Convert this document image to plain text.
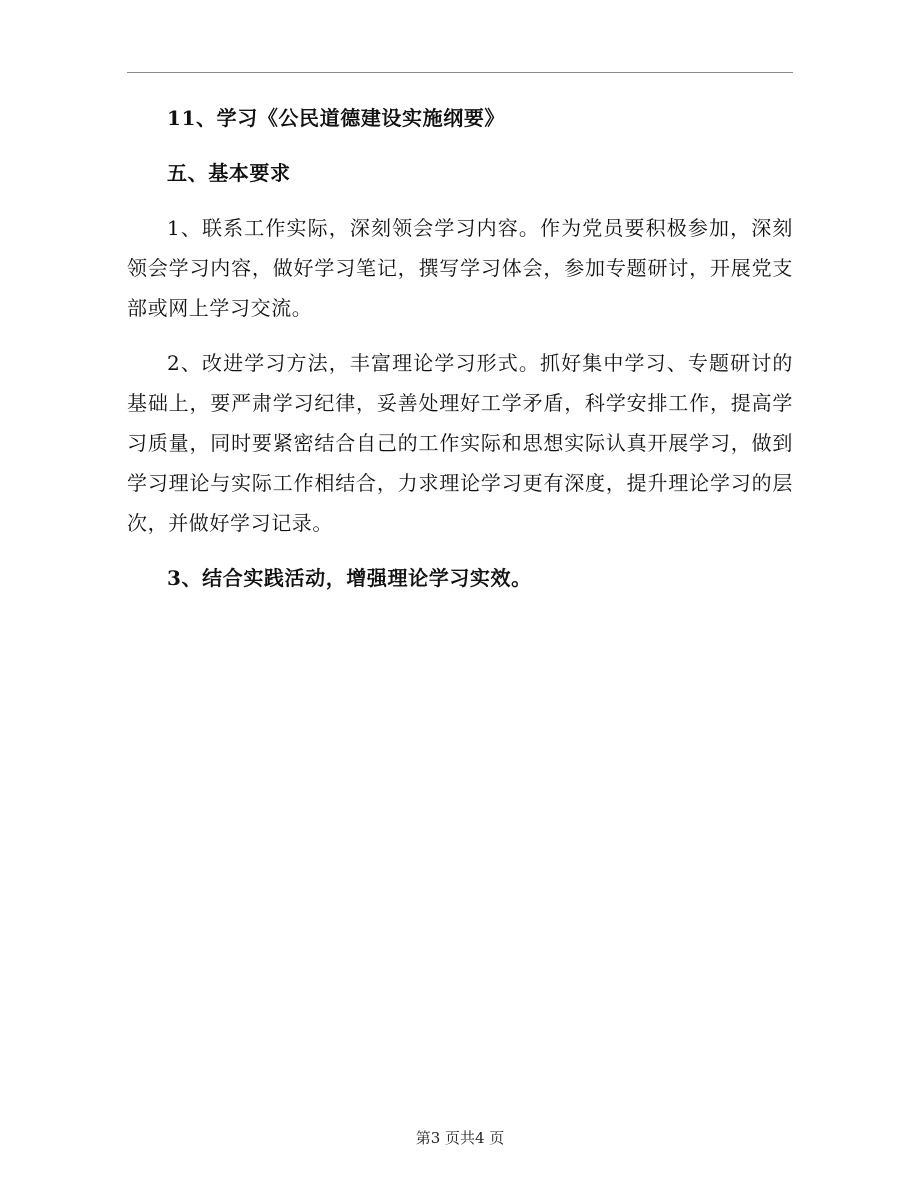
11、学习《公民道德建设实施纲要》

五、基本要求

1、联系工作实际，深刻领会学习内容。作为党员要积极参加，深刻领会学习内容，做好学习笔记，撰写学习体会，参加专题研讨，开展党支部或网上学习交流。

2、改进学习方法，丰富理论学习形式。抓好集中学习、专题研讨的基础上，要严肃学习纪律，妥善处理好工学矛盾，科学安排工作，提高学习质量，同时要紧密结合自己的工作实际和思想实际认真开展学习，做到学习理论与实际工作相结合，力求理论学习更有深度，提升理论学习的层次，并做好学习记录。

3、结合实践活动，增强理论学习实效。

第3 页共4 页
